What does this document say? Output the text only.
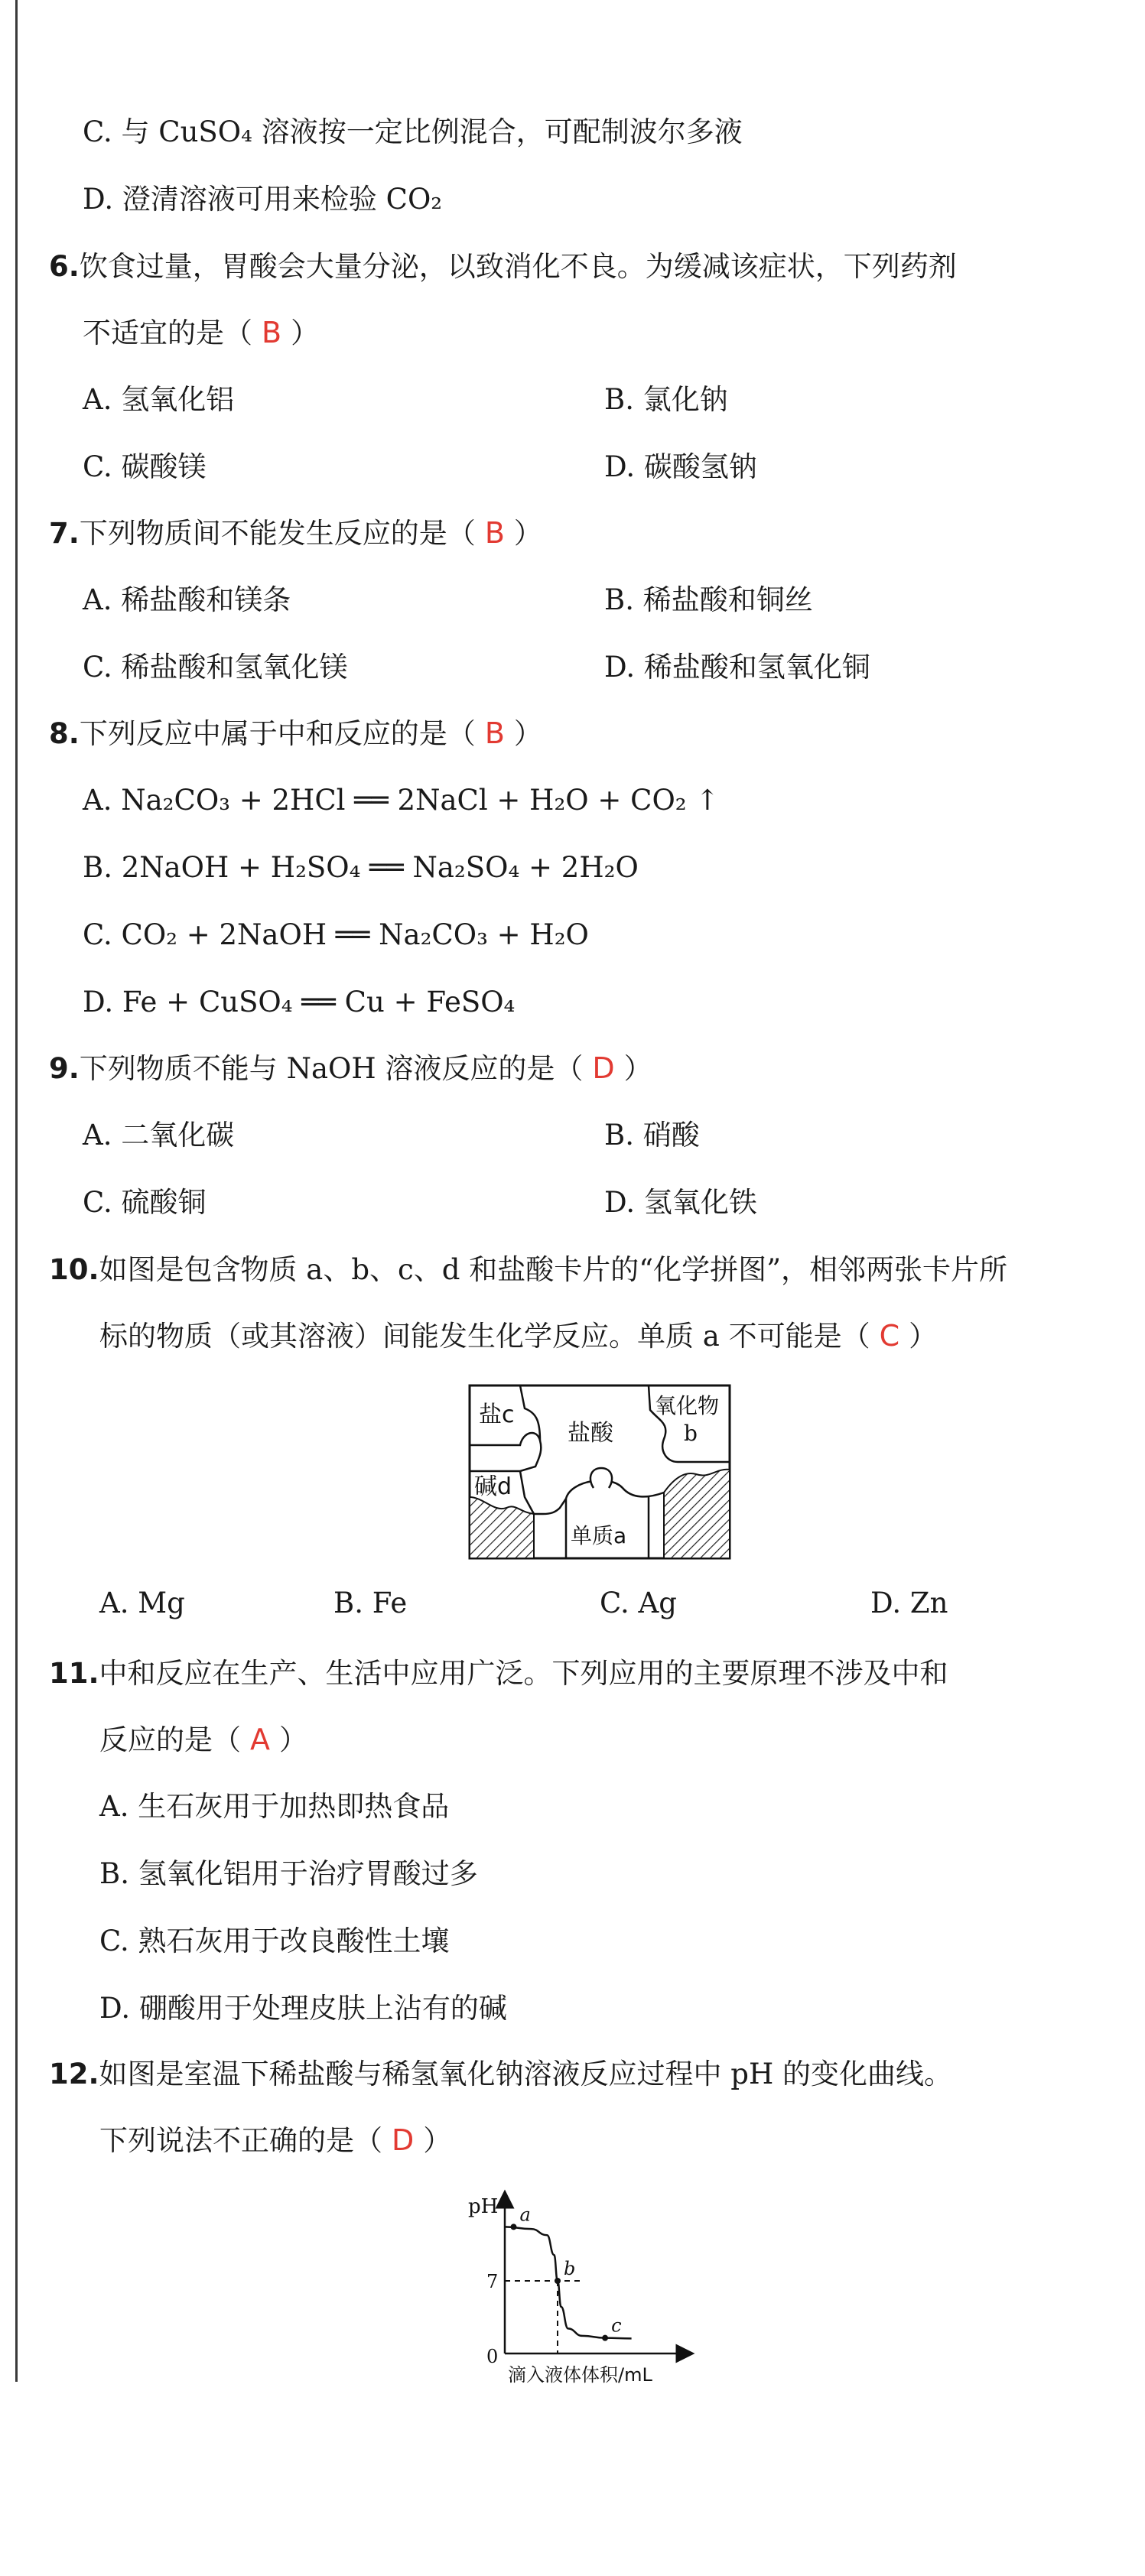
C. 与 CuSO₄ 溶液按一定比例混合，可配制波尔多液
D. 澄清溶液可用来检验 CO₂
6.饮食过量，胃酸会大量分泌，以致消化不良。为缓减该症状，下列药剂
不适宜的是（ B ）
A. 氢氧化铝	B. 氯化钠
C. 碳酸镁	D. 碳酸氢钠
7.下列物质间不能发生反应的是（ B ）
A. 稀盐酸和镁条	B. 稀盐酸和铜丝
C. 稀盐酸和氢氧化镁	D. 稀盐酸和氢氧化铜
8.下列反应中属于中和反应的是（ B ）
A. Na₂CO₃ + 2HCl ══ 2NaCl + H₂O + CO₂ ↑
B. 2NaOH + H₂SO₄ ══ Na₂SO₄ + 2H₂O
C. CO₂ + 2NaOH ══ Na₂CO₃ + H₂O
D. Fe + CuSO₄ ══ Cu + FeSO₄
9.下列物质不能与 NaOH 溶液反应的是（ D ）
A. 二氧化碳	B. 硝酸
C. 硫酸铜	D. 氢氧化铁
10.如图是包含物质 a、b、c、d 和盐酸卡片的“化学拼图”，相邻两张卡片所
标的物质（或其溶液）间能发生化学反应。单质 a 不可能是（ C ）
盐c
盐酸
氧化物
b
碱d
单质a
A. Mg	B. Fe	C. Ag	D. Zn
11.中和反应在生产、生活中应用广泛。下列应用的主要原理不涉及中和
反应的是（ A ）
A. 生石灰用于加热即热食品
B. 氢氧化铝用于治疗胃酸过多
C. 熟石灰用于改良酸性土壤
D. 硼酸用于处理皮肤上沾有的碱
12.如图是室温下稀盐酸与稀氢氧化钠溶液反应过程中 pH 的变化曲线。
下列说法不正确的是（ D ）
pH
0
7
a
b
c
滴入液体体积/mL
